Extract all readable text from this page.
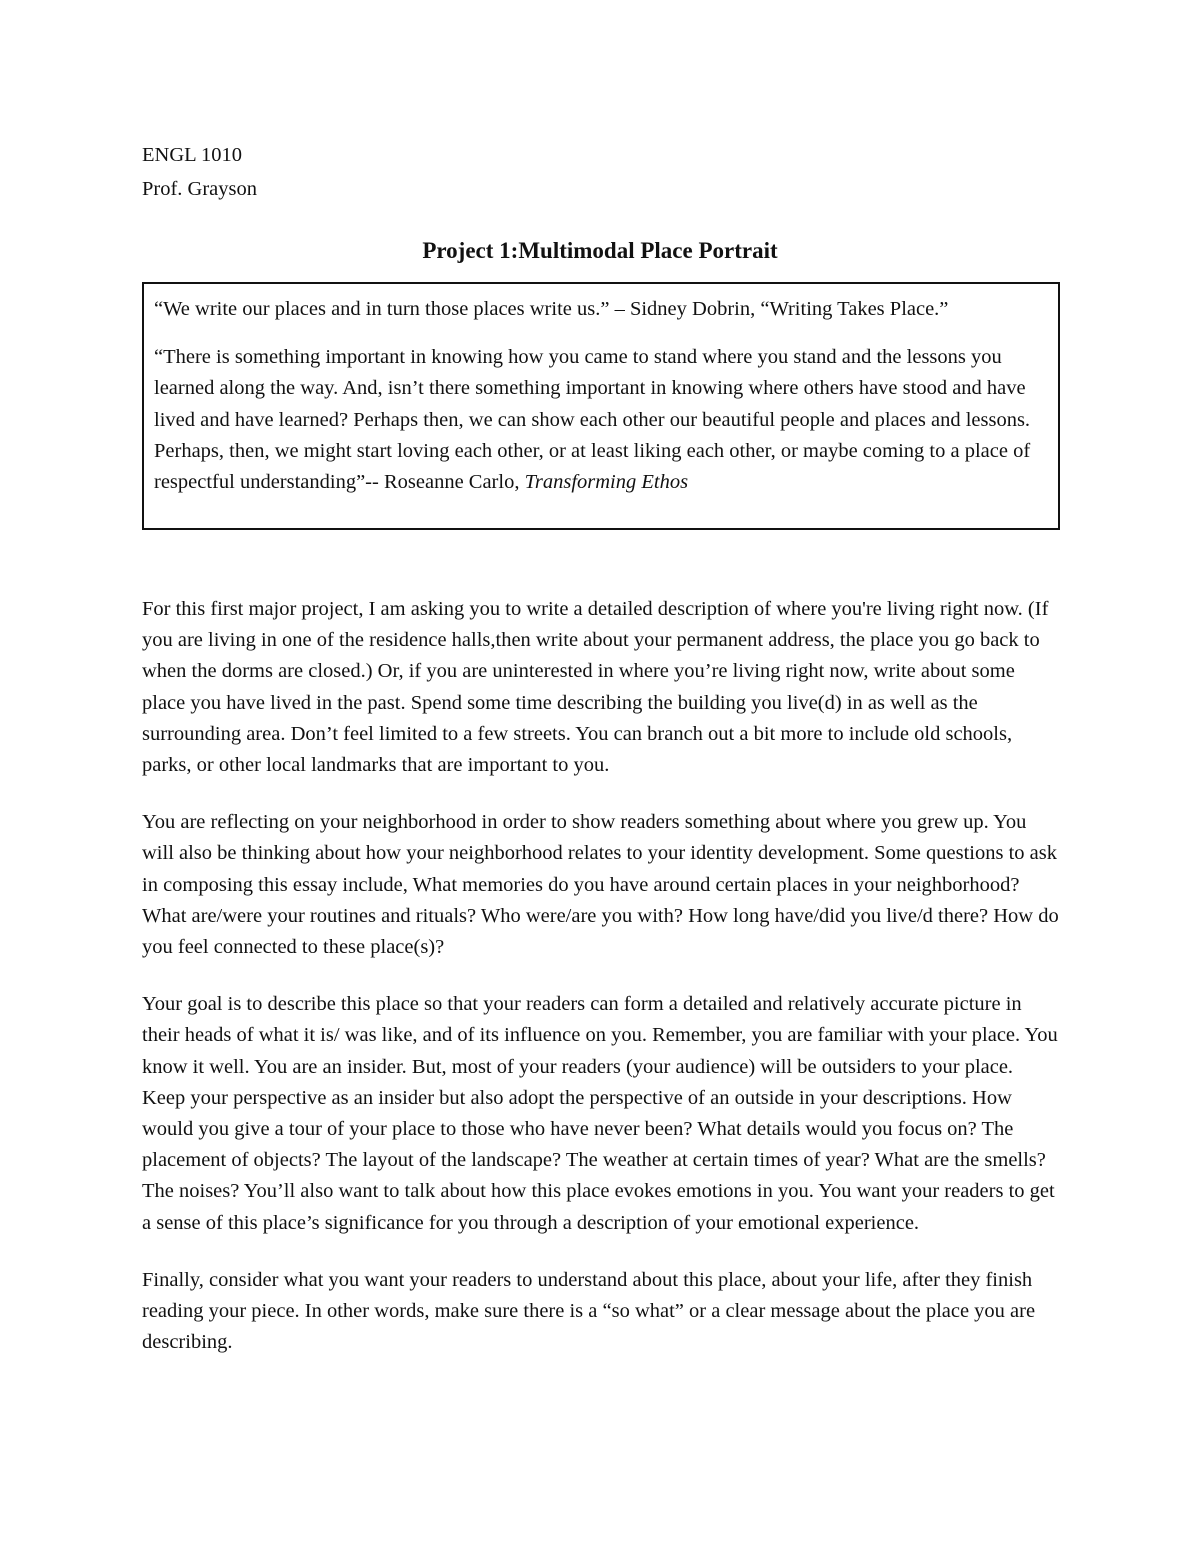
ENGL 1010

Prof. Grayson

Project 1:Multimodal Place Portrait

“We write our places and in turn those places write us.” – Sidney Dobrin, “Writing Takes Place.”

“There is something important in knowing how you came to stand where you stand and the lessons you learned along the way. And, isn’t there something important in knowing where others have stood and have lived and have learned? Perhaps then, we can show each other our beautiful people and places and lessons. Perhaps, then, we might start loving each other, or at least liking each other, or maybe coming to a place of respectful understanding”-- Roseanne Carlo, Transforming Ethos

For this first major project, I am asking you to write a detailed description of where you're living right now. (If you are living in one of the residence halls,then write about your permanent address, the place you go back to when the dorms are closed.) Or, if you are uninterested in where you’re living right now, write about some place you have lived in the past. Spend some time describing the building you live(d) in as well as the surrounding area. Don’t feel limited to a few streets. You can branch out a bit more to include old schools, parks, or other local landmarks that are important to you.

You are reflecting on your neighborhood in order to show readers something about where you grew up. You will also be thinking about how your neighborhood relates to your identity development. Some questions to ask in composing this essay include, What memories do you have around certain places in your neighborhood? What are/were your routines and rituals? Who were/are you with? How long have/did you live/d there? How do you feel connected to these place(s)?

Your goal is to describe this place so that your readers can form a detailed and relatively accurate picture in their heads of what it is/ was like, and of its influence on you. Remember, you are familiar with your place. You know it well. You are an insider. But, most of your readers (your audience) will be outsiders to your place. Keep your perspective as an insider but also adopt the perspective of an outside in your descriptions. How would you give a tour of your place to those who have never been? What details would you focus on? The placement of objects? The layout of the landscape? The weather at certain times of year? What are the smells? The noises? You’ll also want to talk about how this place evokes emotions in you. You want your readers to get a sense of this place’s significance for you through a description of your emotional experience.

Finally, consider what you want your readers to understand about this place, about your life, after they finish reading your piece. In other words, make sure there is a “so what” or a clear message about the place you are describing.
